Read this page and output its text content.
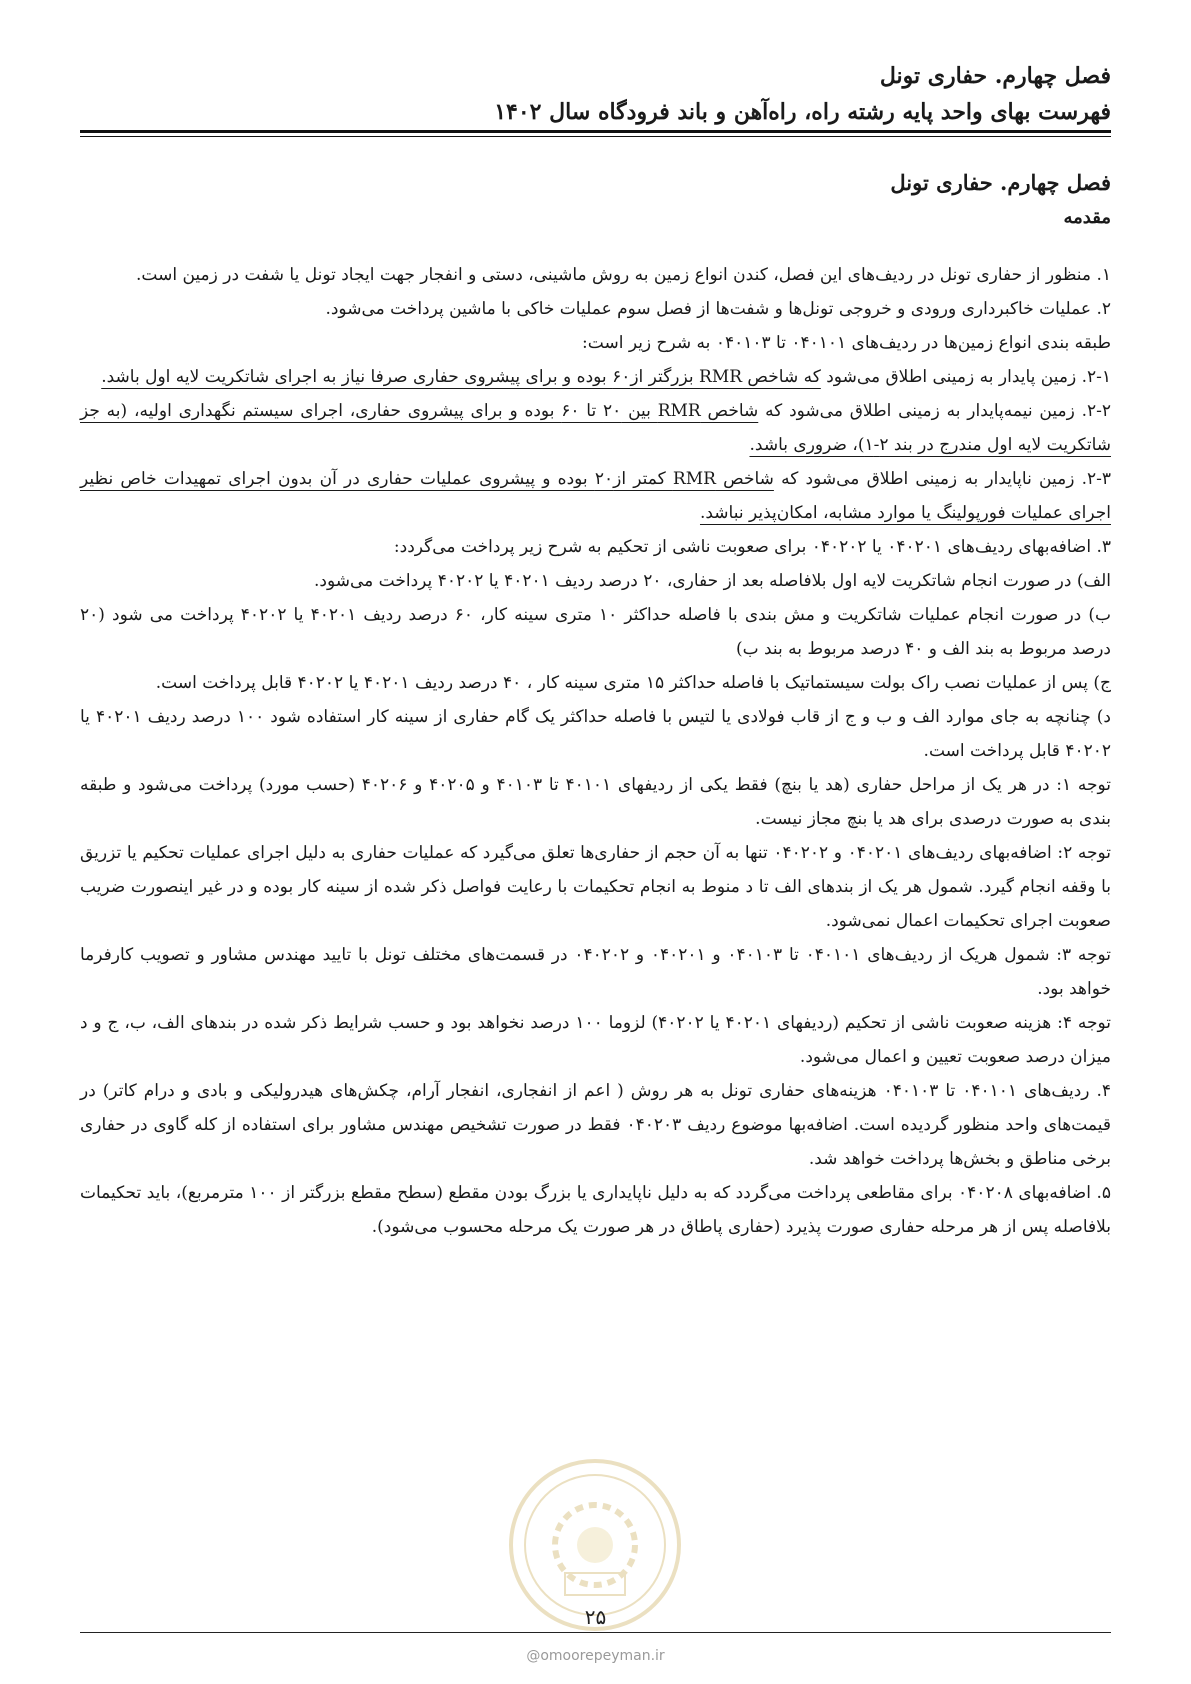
فصل چهارم. حفاری تونل

فهرست بهای واحد پایه رشته راه، راه‌آهن و باند فرودگاه سال ۱۴۰۲

فصل چهارم. حفاری تونل
مقدمه

۱. منظور از حفاری تونل در ردیف‌های این فصل، کندن انواع زمین به روش ماشینی، دستی و انفجار جهت ایجاد تونل یا شفت در زمین است.

۲. عملیات خاکبرداری ورودی و خروجی تونل‌ها و شفت‌ها از فصل سوم عملیات خاکی با ماشین پرداخت می‌شود.

طبقه بندی انواع زمین‌ها در ردیف‌های ۰۴۰۱۰۱ تا ۰۴۰۱۰۳ به شرح زیر است:

۲-۱. زمین پایدار به زمینی اطلاق می‌شود که شاخص RMR بزرگتر از۶۰ بوده و برای پیشروی حفاری صرفا نیاز به اجرای شاتکریت لایه اول باشد.

۲-۲. زمین نیمه‌پایدار به زمینی اطلاق می‌شود که شاخص RMR بین ۲۰ تا ۶۰ بوده و برای پیشروی حفاری، اجرای سیستم نگهداری اولیه، (به جز شاتکریت لایه اول مندرج در بند ۲-۱)، ضروری باشد.

۲-۳. زمین ناپایدار به زمینی اطلاق می‌شود که شاخص RMR کمتر از۲۰ بوده و پیشروی عملیات حفاری در آن بدون اجرای تمهیدات خاص نظیر اجرای عملیات فورپولینگ یا موارد مشابه، امکان‌پذیر نباشد.

۳. اضافه‌بهای ردیف‌های ۰۴۰۲۰۱ یا ۰۴۰۲۰۲ برای صعوبت ناشی از تحکیم به شرح زیر پرداخت می‌گردد:

الف) در صورت انجام شاتکریت لایه اول بلافاصله بعد از حفاری، ۲۰ درصد ردیف ۴۰۲۰۱ یا ۴۰۲۰۲ پرداخت می‌شود.

ب) در صورت انجام عملیات شاتکریت و مش بندی با فاصله حداکثر ۱۰ متری سینه کار، ۶۰ درصد ردیف ۴۰۲۰۱ یا ۴۰۲۰۲ پرداخت می شود (۲۰ درصد مربوط به بند الف و ۴۰ درصد مربوط به بند ب)

ج) پس از عملیات نصب راک بولت سیستماتیک با فاصله حداکثر ۱۵ متری سینه کار ، ۴۰ درصد ردیف ۴۰۲۰۱ یا ۴۰۲۰۲ قابل پرداخت است.

د) چنانچه به جای موارد الف و ب و ج از قاب فولادی یا لتیس با فاصله حداکثر یک گام حفاری از سینه کار استفاده شود ۱۰۰ درصد ردیف ۴۰۲۰۱ یا ۴۰۲۰۲ قابل پرداخت است.

توجه ۱: در هر یک از مراحل حفاری (هد یا بنچ) فقط یکی از ردیفهای ۴۰۱۰۱ تا ۴۰۱۰۳ و ۴۰۲۰۵ و ۴۰۲۰۶ (حسب مورد) پرداخت می‌شود و طبقه بندی به صورت درصدی برای هد یا بنچ مجاز نیست.

توجه ۲: اضافه‌بهای ردیف‌های ۰۴۰۲۰۱ و ۰۴۰۲۰۲ تنها به آن حجم از حفاری‌ها تعلق می‌گیرد که عملیات حفاری به دلیل اجرای عملیات تحکیم یا تزریق با وقفه انجام گیرد. شمول هر یک از بندهای الف تا د منوط به انجام تحکیمات با رعایت فواصل ذکر شده از سینه کار بوده و در غیر اینصورت ضریب صعوبت اجرای تحکیمات اعمال نمی‌شود.

توجه ۳: شمول هریک از ردیف‌های ۰۴۰۱۰۱ تا ۰۴۰۱۰۳ و ۰۴۰۲۰۱ و ۰۴۰۲۰۲ در قسمت‌های مختلف تونل با تایید مهندس مشاور و تصویب کارفرما خواهد بود.

توجه ۴: هزینه صعوبت ناشی از تحکیم (ردیفهای ۴۰۲۰۱ یا ۴۰۲۰۲) لزوما ۱۰۰ درصد نخواهد بود و حسب شرایط ذکر شده در بندهای الف، ب، ج و د میزان درصد صعوبت تعیین و اعمال می‌شود.

۴. ردیف‌های ۰۴۰۱۰۱ تا ۰۴۰۱۰۳ هزینه‌های حفاری تونل به هر روش ( اعم از انفجاری، انفجار آرام، چکش‌های هیدرولیکی و بادی و درام کاتر) در قیمت‌های واحد منظور گردیده است. اضافه‌بها موضوع ردیف ۰۴۰۲۰۳ فقط در صورت تشخیص مهندس مشاور برای استفاده از کله گاوی در حفاری برخی مناطق و بخش‌ها پرداخت خواهد شد.

۵. اضافه‌بهای ۰۴۰۲۰۸ برای مقاطعی پرداخت می‌گردد که به دلیل ناپایداری یا بزرگ بودن مقطع (سطح مقطع بزرگتر از ۱۰۰ مترمربع)، باید تحکیمات بلافاصله پس از هر مرحله حفاری صورت پذیرد (حفاری پاطاق در هر صورت یک مرحله محسوب می‌شود).

۲۵
@omoorepeyman.ir
